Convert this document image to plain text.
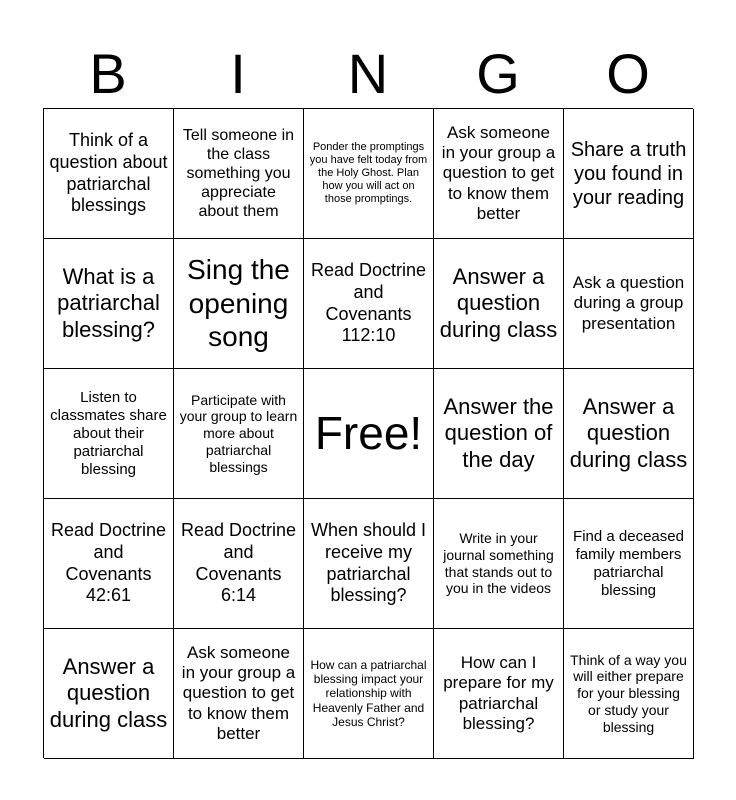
B	I	N	G	O
Think of a question about patriarchal blessings
Tell someone in the class something you appreciate about them
Ponder the promptings you have felt today from the Holy Ghost. Plan how you will act on those promptings.
Ask someone in your group a question to get to know them better
Share a truth you found in your reading
What is a patriarchal blessing?
Sing the opening song
Read Doctrine and Covenants 112:10
Answer a question during class
Ask a question during a group presentation
Listen to classmates share about their patriarchal blessing
Participate with your group to learn more about patriarchal blessings
Free!
Answer the question of the day
Answer a question during class
Read Doctrine and Covenants 42:61
Read Doctrine and Covenants 6:14
When should I receive my patriarchal blessing?
Write in your journal something that stands out to you in the videos
Find a deceased family members patriarchal blessing
Answer a question during class
Ask someone in your group a question to get to know them better
How can a patriarchal blessing impact your relationship with Heavenly Father and Jesus Christ?
How can I prepare for my patriarchal blessing?
Think of a way you will either prepare for your blessing or study your blessing
